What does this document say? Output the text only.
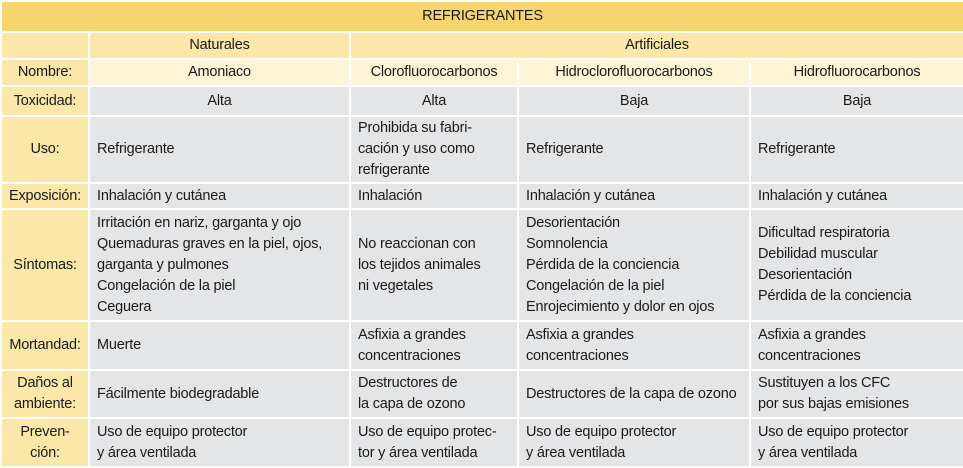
REFRIGERANTES				
	Naturales	Artificiales		
Nombre:	Amoniaco	Clorofluorocarbonos	Hidroclorofluorocarbonos	Hidrofluorocarbonos
Toxicidad:	Alta	Alta	Baja	Baja
Uso:	Refrigerante	Prohibida su fabri-
cación y uso como
refrigerante	Refrigerante	Refrigerante

Exposición:	Inhalación y cutánea	Inhalación	Inhalación y cutánea	Inhalación y cutánea

Síntomas:	Irritación en nariz, garganta y ojo
Quemaduras graves en la piel, ojos,
garganta y pulmones
Congelación de la piel
Ceguera	No reaccionan con
los tejidos animales
ni vegetales	Desorientación
Somnolencia
Pérdida de la conciencia
Congelación de la piel
Enrojecimiento y dolor en ojos	Dificultad respiratoria
Debilidad muscular
Desorientación
Pérdida de la conciencia

Mortandad:	Muerte	Asfixia a grandes
concentraciones	Asfixia a grandes
concentraciones	Asfixia a grandes
concentraciones

Daños al
ambiente:	Fácilmente biodegradable	Destructores de
la capa de ozono	Destructores de la capa de ozono	Sustituyen a los CFC
por sus bajas emisiones

Preven-
ción:	Uso de equipo protector
y área ventilada	Uso de equipo protec-
tor y área ventilada	Uso de equipo protector
y área ventilada	Uso de equipo protector
y área ventilada
